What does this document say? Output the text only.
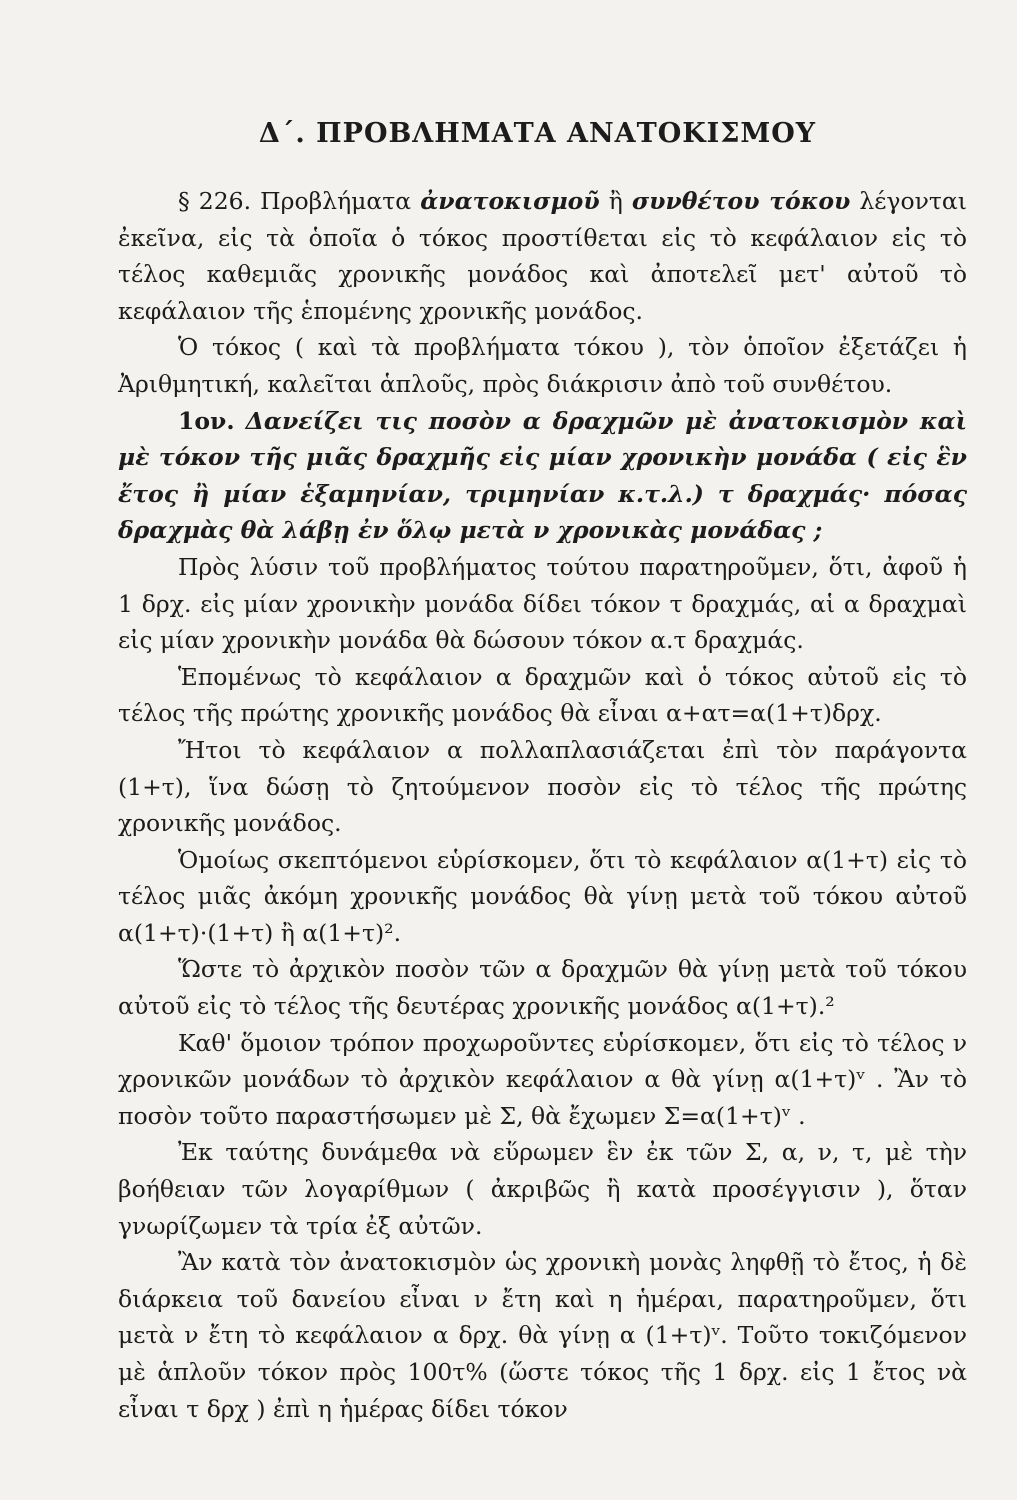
Δ΄. ΠΡΟΒΛΗΜΑΤΑ ΑΝΑΤΟΚΙΣΜΟΥ

§ 226. Προβλήματα ἀνατοκισμοῦ ἢ συνθέτου τόκου λέγονται ἐκεῖνα, εἰς τὰ ὁποῖα ὁ τόκος προστίθεται εἰς τὸ κεφάλαιον εἰς τὸ τέλος καθεμιᾶς χρονικῆς μονάδος καὶ ἀποτελεῖ μετ' αὐτοῦ τὸ κεφάλαιον τῆς ἑπομένης χρονικῆς μονάδος.

Ὁ τόκος ( καὶ τὰ προβλήματα τόκου ), τὸν ὁποῖον ἐξετάζει ἡ Ἀριθμητική, καλεῖται ἁπλοῦς, πρὸς διάκρισιν ἀπὸ τοῦ συνθέτου.

1ον. Δανείζει τις ποσὸν α δραχμῶν μὲ ἀνατοκισμὸν καὶ μὲ τόκον τῆς μιᾶς δραχμῆς εἰς μίαν χρονικὴν μονάδα ( εἰς ἓν ἔτος ἢ μίαν ἑξαμηνίαν, τριμηνίαν κ.τ.λ.) τ δραχμάς· πόσας δραχμὰς θὰ λάβῃ ἐν ὅλῳ μετὰ ν χρονικὰς μονάδας ;

Πρὸς λύσιν τοῦ προβλήματος τούτου παρατηροῦμεν, ὅτι, ἀφοῦ ἡ 1 δρχ. εἰς μίαν χρονικὴν μονάδα δίδει τόκον τ δραχμάς, αἱ α δραχμαὶ εἰς μίαν χρονικὴν μονάδα θὰ δώσουν τόκον α.τ δραχμάς.

Ἑπομένως τὸ κεφάλαιον α δραχμῶν καὶ ὁ τόκος αὐτοῦ εἰς τὸ τέλος τῆς πρώτης χρονικῆς μονάδος θὰ εἶναι α+ατ=α(1+τ)δρχ.

Ἤτοι τὸ κεφάλαιον α πολλαπλασιάζεται ἐπὶ τὸν παράγοντα (1+τ), ἵνα δώσῃ τὸ ζητούμενον ποσὸν εἰς τὸ τέλος τῆς πρώτης χρονικῆς μονάδος.

Ὁμοίως σκεπτόμενοι εὑρίσκομεν, ὅτι τὸ κεφάλαιον α(1+τ) εἰς τὸ τέλος μιᾶς ἀκόμη χρονικῆς μονάδος θὰ γίνῃ μετὰ τοῦ τόκου αὐτοῦ α(1+τ)·(1+τ) ἢ α(1+τ)².

Ὥστε τὸ ἀρχικὸν ποσὸν τῶν α δραχμῶν θὰ γίνῃ μετὰ τοῦ τόκου αὐτοῦ εἰς τὸ τέλος τῆς δευτέρας χρονικῆς μονάδος α(1+τ).²

Καθ' ὅμοιον τρόπον προχωροῦντες εὑρίσκομεν, ὅτι εἰς τὸ τέλος ν χρονικῶν μονάδων τὸ ἀρχικὸν κεφάλαιον α θὰ γίνῃ α(1+τ)ᵛ . Ἂν τὸ ποσὸν τοῦτο παραστήσωμεν μὲ Σ, θὰ ἔχωμεν Σ=α(1+τ)ᵛ .

Ἐκ ταύτης δυνάμεθα νὰ εὕρωμεν ἓν ἐκ τῶν Σ, α, ν, τ, μὲ τὴν βοήθειαν τῶν λογαρίθμων ( ἀκριβῶς ἢ κατὰ προσέγγισιν ), ὅταν γνωρίζωμεν τὰ τρία ἐξ αὐτῶν.

Ἂν κατὰ τὸν ἀνατοκισμὸν ὡς χρονικὴ μονὰς ληφθῇ τὸ ἔτος, ἡ δὲ διάρκεια τοῦ δανείου εἶναι ν ἔτη καὶ η ἡμέραι, παρατηροῦμεν, ὅτι μετὰ ν ἔτη τὸ κεφάλαιον α δρχ. θὰ γίνῃ α (1+τ)ᵛ. Τοῦτο τοκιζόμενον μὲ ἁπλοῦν τόκον πρὸς 100τ% (ὥστε τόκος τῆς 1 δρχ. εἰς 1 ἔτος νὰ εἶναι τ δρχ ) ἐπὶ η ἡμέρας δίδει τόκον
